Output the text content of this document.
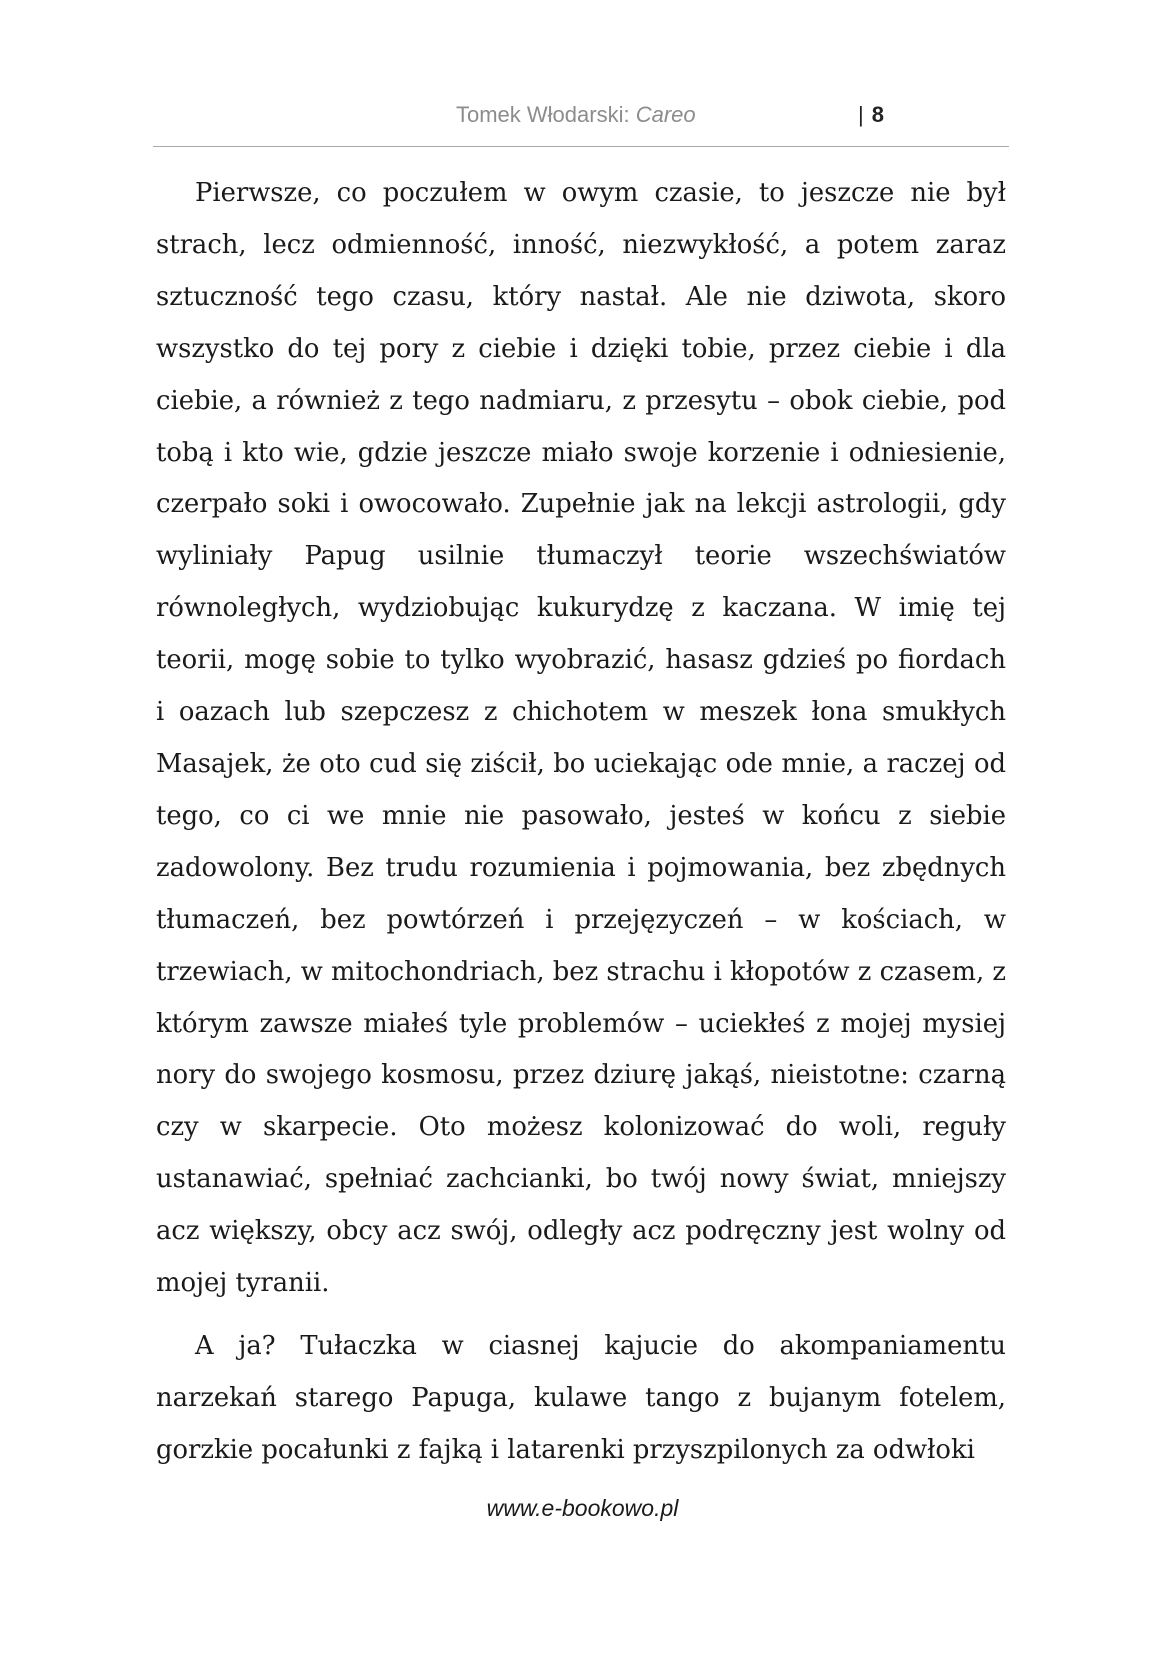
Tomek Włodarski: Careo	| 8

Pierwsze, co poczułem w owym czasie, to jeszcze nie był strach, lecz odmienność, inność, niezwykłość, a potem zaraz sztuczność tego czasu, który nastał. Ale nie dziwota, skoro wszystko do tej pory z ciebie i dzięki tobie, przez ciebie i dla ciebie, a również z tego nadmiaru, z przesytu – obok ciebie, pod tobą i kto wie, gdzie jeszcze miało swoje korzenie i odniesienie, czerpało soki i owocowało. Zupełnie jak na lekcji astrologii, gdy wyliniały Papug usilnie tłumaczył teorie wszechświatów równoległych, wydziobując kukurydzę z kaczana. W imię tej teorii, mogę sobie to tylko wyobrazić, hasasz gdzieś po fiordach i oazach lub szepczesz z chichotem w meszek łona smukłych Masajek, że oto cud się ziścił, bo uciekając ode mnie, a raczej od tego, co ci we mnie nie pasowało, jesteś w końcu z siebie zadowolony. Bez trudu rozumienia i pojmowania, bez zbędnych tłumaczeń, bez powtórzeń i przejęzyczeń – w kościach, w trzewiach, w mitochondriach, bez strachu i kłopotów z czasem, z którym zawsze miałeś tyle problemów – uciekłeś z mojej mysiej nory do swojego kosmosu, przez dziurę jakąś, nieistotne: czarną czy w skarpecie. Oto możesz kolonizować do woli, reguły ustanawiać, spełniać zachcianki, bo twój nowy świat, mniejszy acz większy, obcy acz swój, odległy acz podręczny jest wolny od mojej tyranii.

A ja? Tułaczka w ciasnej kajucie do akompaniamentu narzekań starego Papuga, kulawe tango z bujanym fotelem, gorzkie pocałunki z fajką i latarenki przyszpilonych za odwłoki

www.e-bookowo.pl
